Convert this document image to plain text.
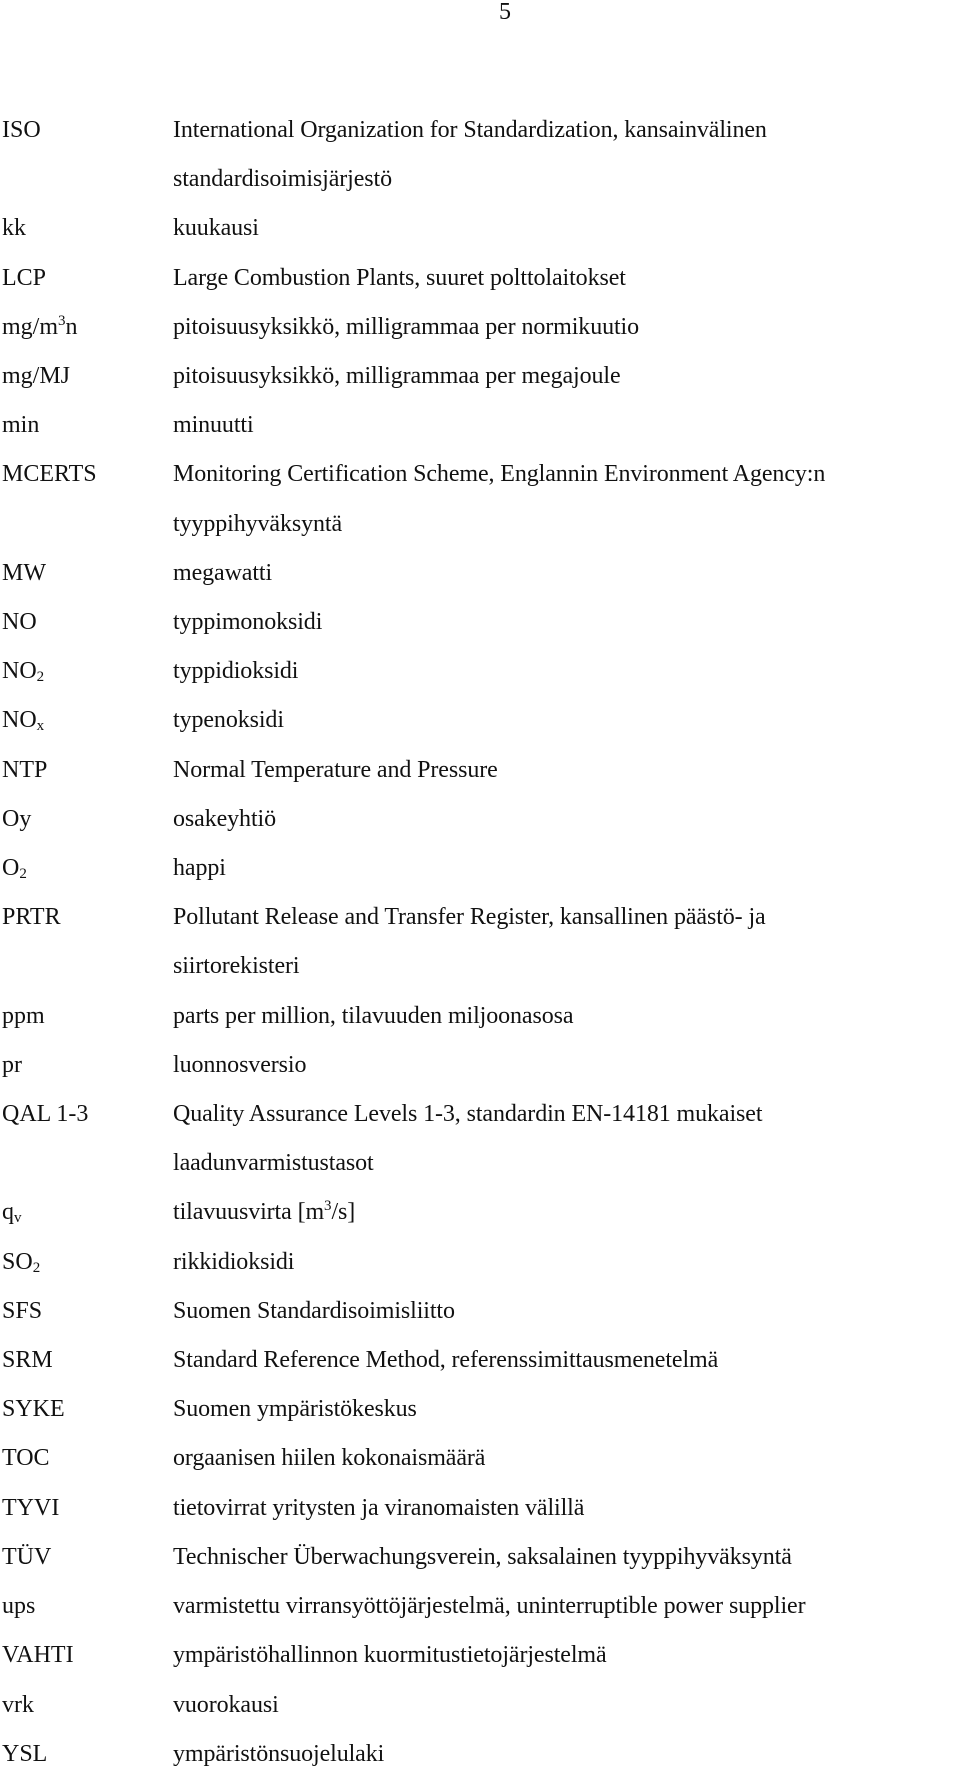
5
ISO	International Organization for Standardization, kansainvälinen
standardisoimisjärjestö
kk	kuukausi
LCP	Large Combustion Plants, suuret polttolaitokset
$mg/m^3n$	pitoisuusyksikkö, milligrammaa per normikuutio
mg/MJ	pitoisuusyksikkö, milligrammaa per megajoule
min	minuutti
MCERTS	Monitoring Certification Scheme, Englannin Environment Agency:n
tyyppihyväksyntä
MW	megawatti
NO	typpimonoksidi
$NO_2$	typpidioksidi
$NO_x$	typenoksidi
NTP	Normal Temperature and Pressure
Oy	osakeyhtiö
$O_2$	happi
PRTR	Pollutant Release and Transfer Register, kansallinen päästö- ja
siirtorekisteri
ppm	parts per million, tilavuuden miljoonasosa
pr	luonnosversio
QAL 1-3	Quality Assurance Levels 1-3, standardin EN-14181 mukaiset
laadunvarmistustasot
$q_v$	tilavuusvirta $[m^3/s]$
$SO_2$	rikkidioksidi
SFS	Suomen Standardisoimisliitto
SRM	Standard Reference Method, referenssimittausmenetelmä
SYKE	Suomen ympäristökeskus
TOC	orgaanisen hiilen kokonaismäärä
TYVI	tietovirrat yritysten ja viranomaisten välillä
TÜV	Technischer Überwachungsverein, saksalainen tyyppihyväksyntä
ups	varmistettu virransyöttöjärjestelmä, uninterruptible power supplier
VAHTI	ympäristöhallinnon kuormitustietojärjestelmä
vrk	vuorokausi
YSL	ympäristönsuojelulaki
